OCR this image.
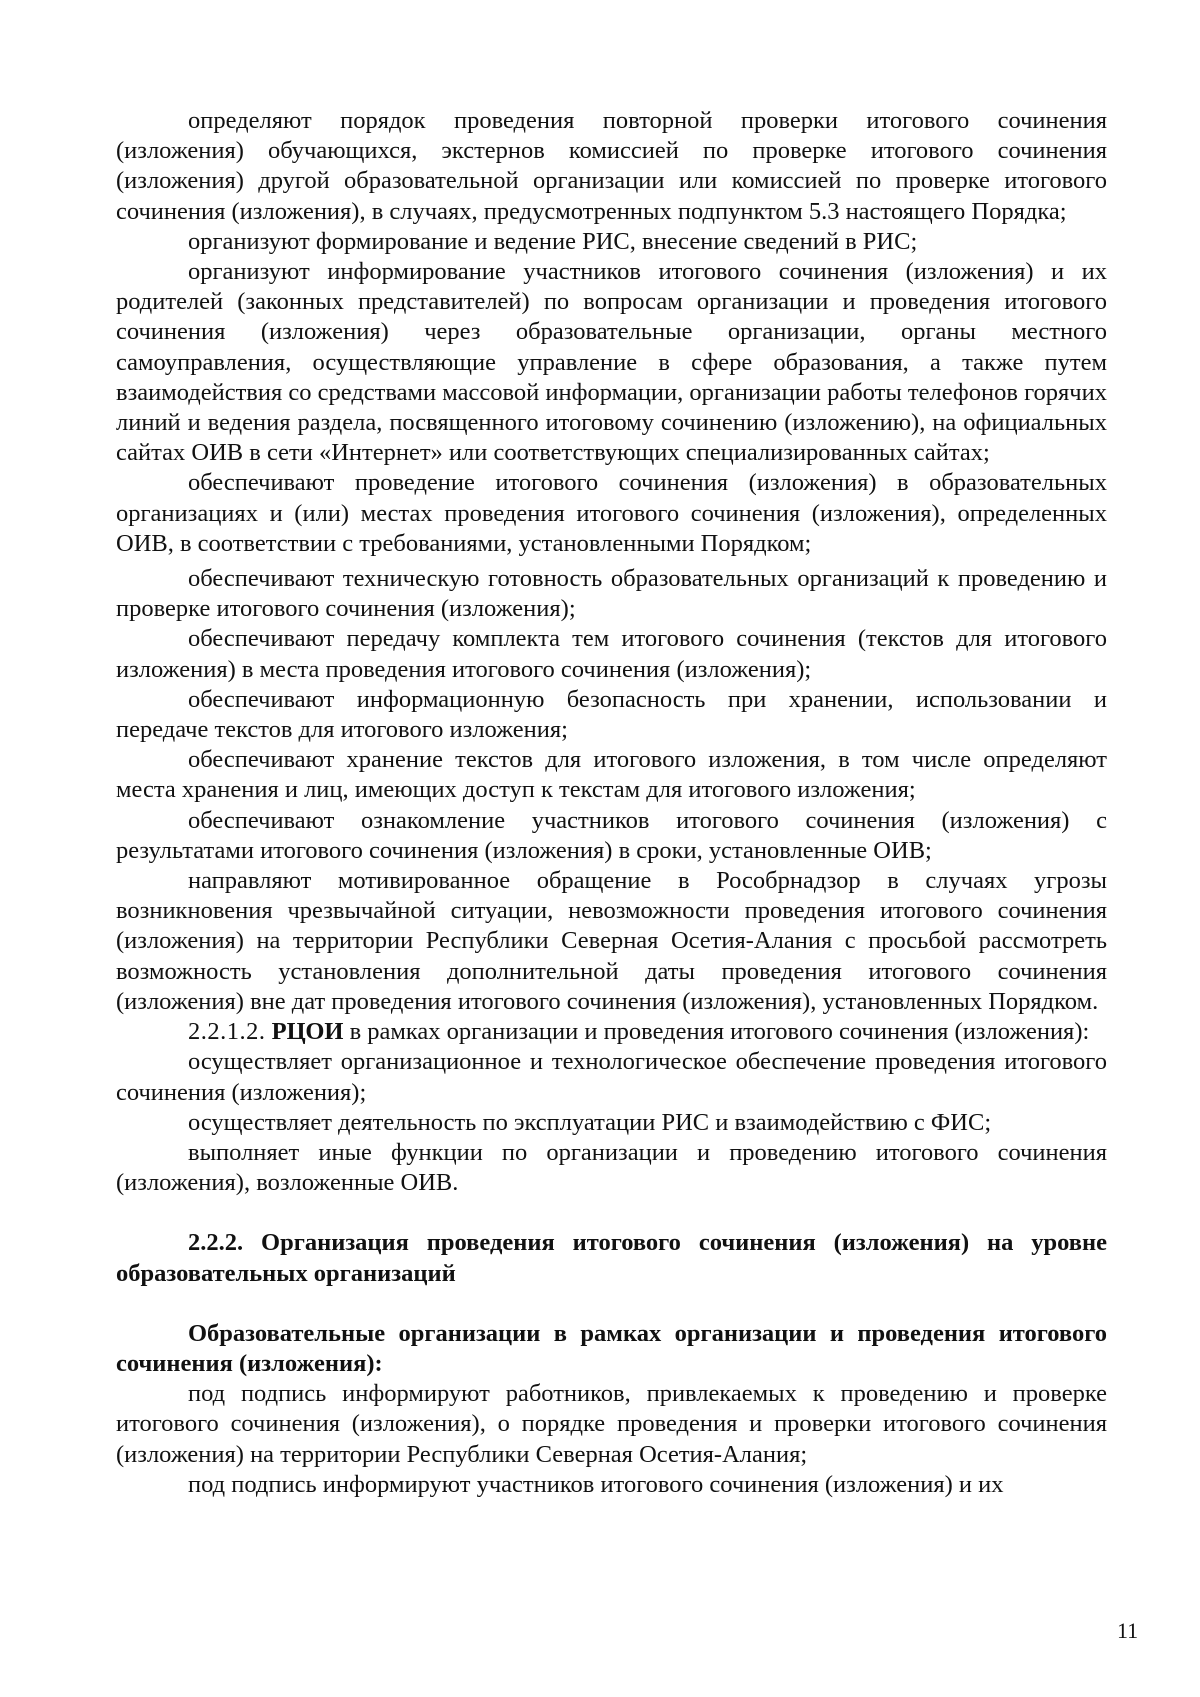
определяют порядок проведения повторной проверки итогового сочинения (изложения) обучающихся, экстернов комиссией по проверке итогового сочинения (изложения) другой образовательной организации или комиссией по проверке итогового сочинения (изложения), в случаях, предусмотренных подпунктом 5.3 настоящего Порядка;

организуют формирование и ведение РИС, внесение сведений в РИС;

организуют информирование участников итогового сочинения (изложения) и их родителей (законных представителей) по вопросам организации и проведения итогового сочинения (изложения) через образовательные организации, органы местного самоуправления, осуществляющие управление в сфере образования, а также путем взаимодействия со средствами массовой информации, организации работы телефонов горячих линий и ведения раздела, посвященного итоговому сочинению (изложению), на официальных сайтах ОИВ в сети «Интернет» или соответствующих специализированных сайтах;

обеспечивают проведение итогового сочинения (изложения) в образовательных организациях и (или) местах проведения итогового сочинения (изложения), определенных ОИВ, в соответствии с требованиями, установленными Порядком;

обеспечивают техническую готовность образовательных организаций к проведению и проверке итогового сочинения (изложения);

обеспечивают передачу комплекта тем итогового сочинения (текстов для итогового изложения) в места проведения итогового сочинения (изложения);

обеспечивают информационную безопасность при хранении, использовании и передаче текстов для итогового изложения;

обеспечивают хранение текстов для итогового изложения, в том числе определяют места хранения и лиц, имеющих доступ к текстам для итогового изложения;

обеспечивают ознакомление участников итогового сочинения (изложения) с результатами итогового сочинения (изложения) в сроки, установленные ОИВ;

направляют мотивированное обращение в Рособрнадзор в случаях угрозы возникновения чрезвычайной ситуации, невозможности проведения итогового сочинения (изложения) на территории Республики Северная Осетия-Алания с просьбой рассмотреть возможность установления дополнительной даты проведения итогового сочинения (изложения) вне дат проведения итогового сочинения (изложения), установленных Порядком.

2.2.1.2. РЦОИ в рамках организации и проведения итогового сочинения (изложения):

осуществляет организационное и технологическое обеспечение проведения итогового сочинения (изложения);

осуществляет деятельность по эксплуатации РИС и взаимодействию с ФИС;

выполняет иные функции по организации и проведению итогового сочинения (изложения), возложенные ОИВ.

2.2.2. Организация проведения итогового сочинения (изложения) на уровне образовательных организаций

Образовательные организации в рамках организации и проведения итогового сочинения (изложения):

под подпись информируют работников, привлекаемых к проведению и проверке итогового сочинения (изложения), о порядке проведения и проверки итогового сочинения (изложения) на территории Республики Северная Осетия-Алания;

под подпись информируют участников итогового сочинения (изложения) и их

11
